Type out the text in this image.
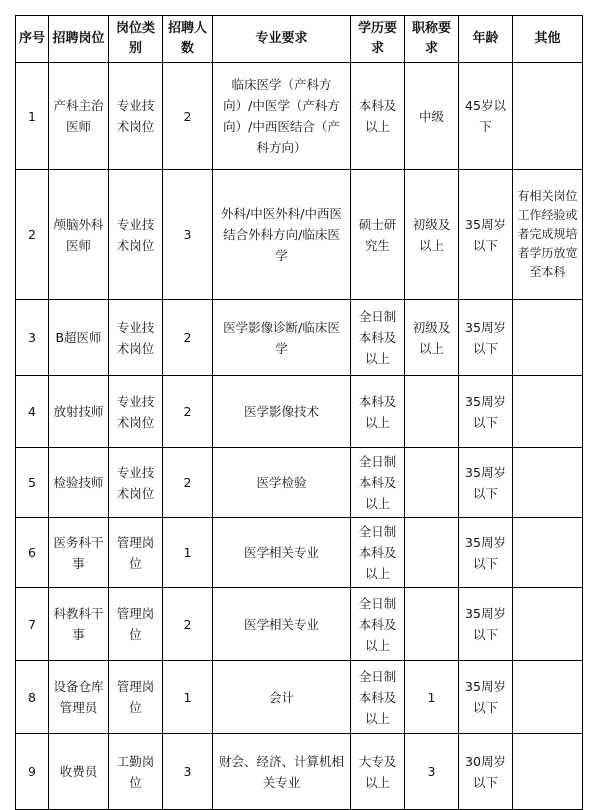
序号	招聘岗位	岗位类别	招聘人数	专业要求	学历要求	职称要求	年龄	其他
1	产科主治医师	专业技术岗位	2	临床医学（产科方向）/中医学（产科方向）/中西医结合（产科方向）	本科及以上	中级	45岁以下	
2	颅脑外科医师	专业技术岗位	3	外科/中医外科/中西医结合外科方向/临床医学	硕士研究生	初级及以上	35周岁以下	有相关岗位工作经验或者完成规培者学历放宽至本科
3	B超医师	专业技术岗位	2	医学影像诊断/临床医学	全日制本科及以上	初级及以上	35周岁以下	
4	放射技师	专业技术岗位	2	医学影像技术	本科及以上		35周岁以下	
5	检验技师	专业技术岗位	2	医学检验	全日制本科及以上		35周岁以下	
6	医务科干事	管理岗位	1	医学相关专业	全日制本科及以上		35周岁以下	
7	科教科干事	管理岗位	2	医学相关专业	全日制本科及以上		35周岁以下	
8	设备仓库管理员	管理岗位	1	会计	全日制本科及以上	1	35周岁以下	
9	收费员	工勤岗位	3	财会、经济、计算机相关专业	大专及以上	3	30周岁以下	
